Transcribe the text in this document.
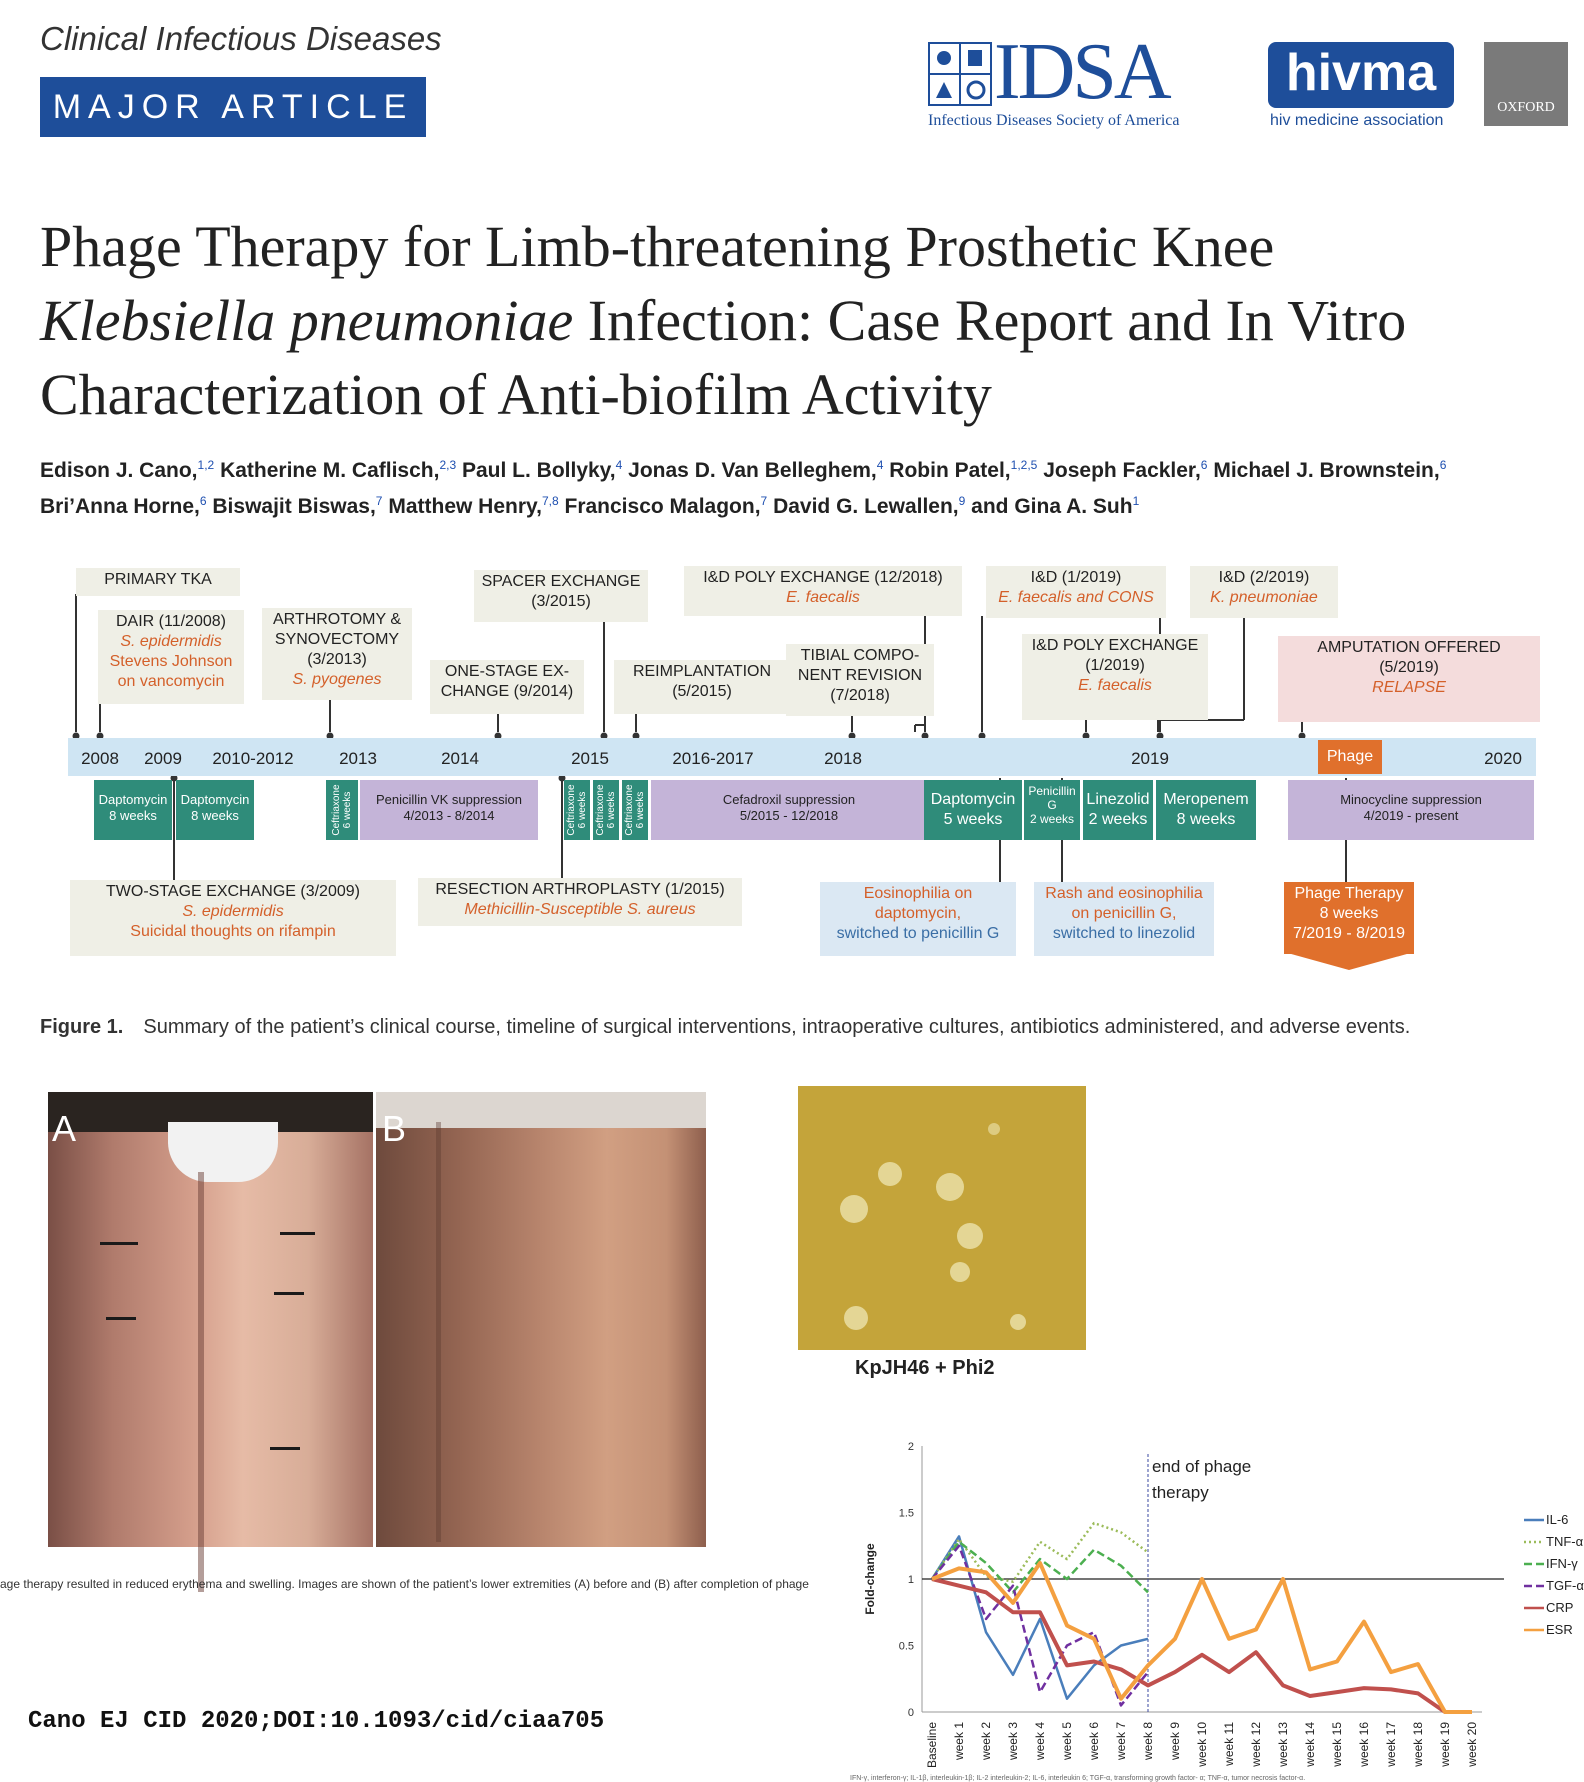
Clinical Infectious Diseases
MAJOR ARTICLE	IDSA
Infectious Diseases Society of America
hivma
hiv medicine association
OXFORD
Phage Therapy for Limb-threatening Prosthetic Knee
Klebsiella pneumoniae Infection: Case Report and In Vitro
Characterization of Anti-biofilm Activity
Edison J. Cano,$^{1,2}$ Katherine M. Caflisch,$^{2,3}$ Paul L. Bollyky,$^4$ Jonas D. Van Belleghem,$^4$ Robin Patel,$^{1,2,5}$ Joseph Fackler,$^6$ Michael J. Brownstein,$^6$
Bri’Anna Horne,$^6$ Biswajit Biswas,$^7$ Matthew Henry,$^{7,8}$ Francisco Malagon,$^7$ David G. Lewallen,$^9$ and Gina A. Suh$^1$
2008	2009	2010-2012	2013	2014	2015	2016-2017	2018	2019	Phage	2020
PRIMARY TKA
DAIR (11/2008)
S. epidermidis
Stevens Johnson
on vancomycin
ARTHROTOMY &
SYNOVECTOMY
(3/2013)
S. pyogenes	ONE-STAGE EX-
CHANGE (9/2014)
SPACER EXCHANGE
(3/2015)
REIMPLANTATION
(5/2015)
I&D POLY EXCHANGE (12/2018)
E. faecalis
TIBIAL COMPO-
NENT REVISION
(7/2018)
I&D (1/2019)
E. faecalis and CONS
I&D POLY EXCHANGE
(1/2019)
E. faecalis
I&D (2/2019)
K. pneumoniae
AMPUTATION OFFERED
(5/2019)
RELAPSE
Daptomycin
8 weeks
Daptomycin
8 weeks	Ceftriaxone 6 weeks	Penicillin VK suppression
4/2013 - 8/2014	Ceftriaxone 6 weeks Ceftriaxone 6 weeks Ceftriaxone 6 weeks	Cefadroxil suppression
5/2015 - 12/2018
Daptomycin
5 weeks
Penicillin
G
2 weeks
Linezolid
2 weeks
Meropenem
8 weeks
Minocycline suppression
4/2019 - present
TWO-STAGE EXCHANGE (3/2009)
S. epidermidis
Suicidal thoughts on rifampin
RESECTION ARTHROPLASTY (1/2015)
Methicillin-Susceptible S. aureus
Eosinophilia on
daptomycin,
switched to penicillin G
Rash and eosinophilia
on penicillin G,
switched to linezolid
Phage Therapy
8 weeks
7/2019 - 8/2019
Figure 1. Summary of the patient’s clinical course, timeline of surgical interventions, intraoperative cultures, antibiotics administered, and adverse events.
A	B
age therapy resulted in reduced erythema and swelling. Images are shown of the patient’s lower extremities (A) before and (B) after completion of phage
KpJH46 + Phi2
0
0.5
1
1.5
2
Fold-change
Baseline week 1 week 2 week 3 week 4 week 5 week 6 week 7 week 8 week 9 week 10 week 11 week 12 week 13 week 14 week 15 week 16 week 17 week 18 week 19 week 20
end of phage
therapy
IL-6
TNF-α
IFN-γ
TGF-α
CRP
ESR
IFN-γ, interferon-γ; IL-1β, interleukin-1β; IL-2 interleukin-2; IL-6, interleukin 6; TGF-α, transforming growth factor- α; TNF-α, tumor necrosis factor-α.
Cano EJ CID 2020;DOI:10.1093/cid/ciaa705
